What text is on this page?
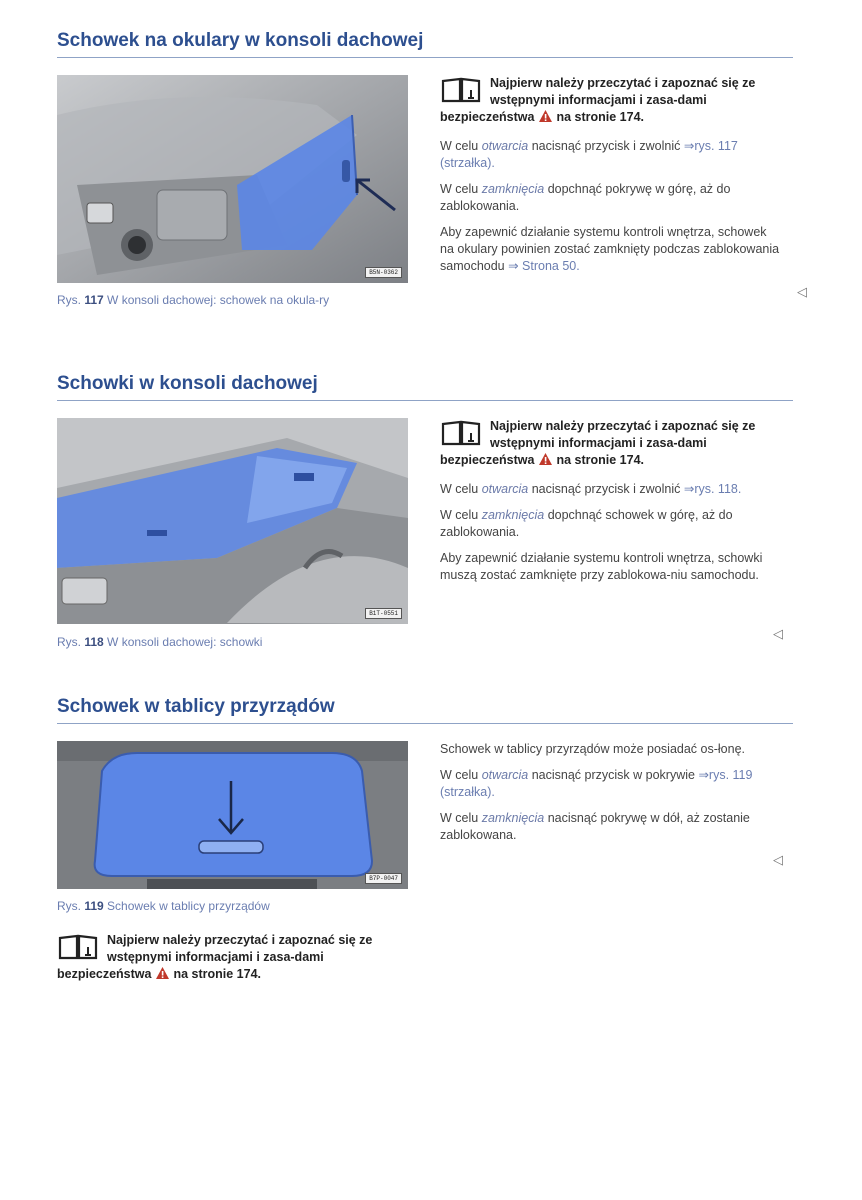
Schowek na okulary w konsoli dachowej
B5N-0362
Rys. 117 W konsoli dachowej: schowek na okula-ry
Najpierw należy przeczytać i zapoznać się ze wstępnymi informacjami i zasa-dami bezpieczeństwa na stronie 174.

W celu otwarcia nacisnąć przycisk i zwolnić ⇒rys. 117 (strzałka).

W celu zamknięcia dopchnąć pokrywę w górę, aż do zablokowania.

Aby zapewnić działanie systemu kontroli wnętrza, schowek na okulary powinien zostać zamknięty podczas zablokowania samochodu ⇒ Strona 50.

◁
Schowki w konsoli dachowej
B1T-0551
Rys. 118 W konsoli dachowej: schowki
Najpierw należy przeczytać i zapoznać się ze wstępnymi informacjami i zasa-dami bezpieczeństwa na stronie 174.

W celu otwarcia nacisnąć przycisk i zwolnić ⇒rys. 118.

W celu zamknięcia dopchnąć schowek w górę, aż do zablokowania.

Aby zapewnić działanie systemu kontroli wnętrza, schowki muszą zostać zamknięte przy zablokowa-niu samochodu.

◁
Schowek w tablicy przyrządów
B7P-0047
Rys. 119 Schowek w tablicy przyrządów
Najpierw należy przeczytać i zapoznać się ze wstępnymi informacjami i zasa-dami bezpieczeństwa na stronie 174.

Schowek w tablicy przyrządów może posiadać os-łonę.

W celu otwarcia nacisnąć przycisk w pokrywie ⇒rys. 119 (strzałka).

W celu zamknięcia nacisnąć pokrywę w dół, aż zostanie zablokowana.

◁
